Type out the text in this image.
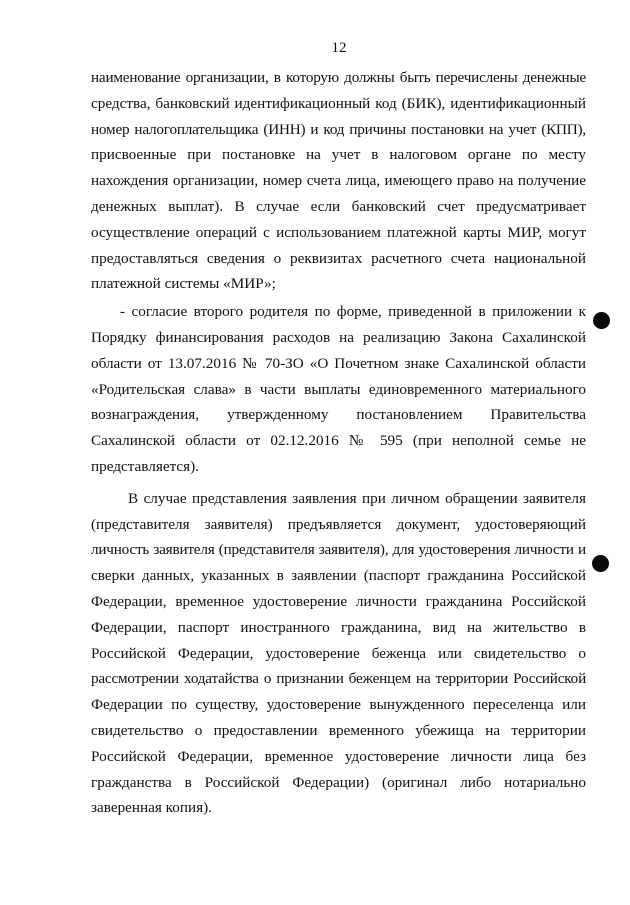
12
наименование организации, в которую должны быть перечислены денежные
средства, банковский идентификационный код (БИК), идентификационный
номер налогоплательщика (ИНН) и код причины постановки на учет (КПП),
присвоенные при постановке на учет в налоговом органе по месту
нахождения организации, номер счета лица, имеющего право на получение
денежных выплат). В случае если банковский счет предусматривает
осуществление операций с использованием платежной карты МИР, могут
предоставляться сведения о реквизитах расчетного счета национальной
платежной системы «МИР»;
- согласие второго родителя по форме, приведенной в приложении к
Порядку финансирования расходов на реализацию Закона Сахалинской
области от 13.07.2016 № 70-ЗО «О Почетном знаке Сахалинской области
«Родительская слава» в части выплаты единовременного материального
вознаграждения, утвержденному постановлением Правительства
Сахалинской области от 02.12.2016 № 595 (при неполной семье не
представляется).
В случае представления заявления при личном обращении заявителя
(представителя заявителя) предъявляется документ, удостоверяющий
личность заявителя (представителя заявителя), для удостоверения личности и
сверки данных, указанных в заявлении (паспорт гражданина Российской
Федерации, временное удостоверение личности гражданина Российской
Федерации, паспорт иностранного гражданина, вид на жительство в
Российской Федерации, удостоверение беженца или свидетельство о
рассмотрении ходатайства о признании беженцем на территории Российской
Федерации по существу, удостоверение вынужденного переселенца или
свидетельство о предоставлении временного убежища на территории
Российской Федерации, временное удостоверение личности лица без
гражданства в Российской Федерации) (оригинал либо нотариально
заверенная копия).
